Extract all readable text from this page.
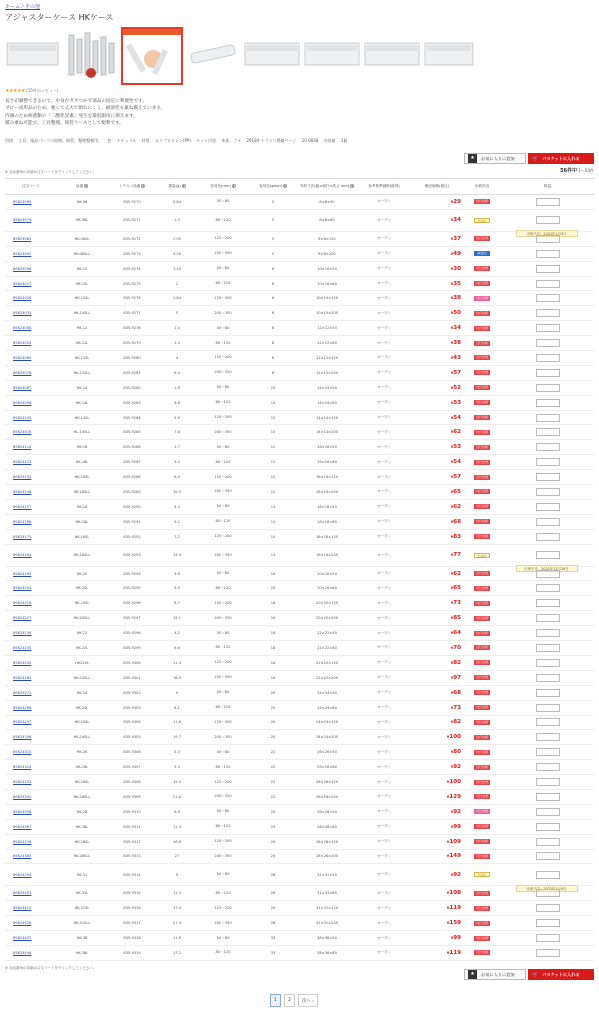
ホーム＞その他
アジャスターケース HKケース
★★★★★ (15件のレビュー)
長さが調整できるので、中身がガタつかず部品の固定に利便性です。
ブロー成形品のため、強くて丈夫で割れにくく、耐溶性も兼ね備えています。
内薄のため病菌類の「二酸化炭素」発生を最低限度に抑えます。
積み重ね可能で、工具整理、保管ケースとして便利です。
用途 工具、部品パーツの収納、保管、整理整頓用。 色 ナチュラル 材質 ポリプロピレン(PP) セット内容 本体、フタ 2018年トラスコ掲載ページ 10 0838 内容量 1個
★	お気に入りに追加	🛒 バスケットに入れる
56件中 1～50件
※ 各品番毎の詳細は注文コードをクリックしてください。
注文コード	品番 ▾	トラスコ品番 ▾	重量(g) ▾	有効長(mm) ▾	有効径(φmm) ▾	外形寸法(幅×奥行×高さ mm) ▾	参考基準価格(税別)	販売価格(税込)	出荷状況	数量
89823965	HK-06	835-9270	0.84	50～80	5	8×8×50	オープン	¥29	当日出荷	
89823974	HK-06L	835-9271	1.3	80～120	5	8×8×80	オープン	¥34	欠品中	出荷予定：2022年1月4日

89823983	HK-06SL	835-9272	2.95	120～200	5	8×8×120	オープン	¥37	当日出荷	
89823992	HK-06SLL	835-9273	3.25	200～350	5	8×8×200	オープン	¥49	取寄品	
89824008	HK-10	835-9274	1.25	50～80	6	10×10×50	オープン	¥30	当日出荷	
89824017	HK-10L	835-9275	2	80～120	6	10×10×80	オープン	¥35	当日出荷	
89824026	HK-10SL	835-9276	2.84	120～200	6	10×10×120	オープン	¥38	当日出荷	
89824035	HK-10SLL	835-9277	5	200～350	6	10×10×200	オープン	¥50	当日出荷	
89824044	HK-12	835-9278	1.4	50～80	8	12×12×50	オープン	¥34	当日出荷	
89824053	HK-12L	835-9279	2.4	80～120	8	12×12×80	オープン	¥38	当日出荷	
89824062	HK-12SL	835-9280	4	120～200	8	12×12×120	オープン	¥43	当日出荷	
89824078	HK-12SLL	835-9281	6.4	200～350	8	12×12×200	オープン	¥57	当日出荷	
89824087	HK-14	835-9282	1.8	50～80	10	14×14×50	オープン	¥52	当日出荷	
89824096	HK-14L	835-9283	3.6	80～120	10	14×14×80	オープン	¥53	当日出荷	
89824105	HK-14SL	835-9284	5.6	120～200	10	14×14×120	オープン	¥54	当日出荷	
89824516	HL-14SLL	835-9285	7.8	200～350	10	14×14×200	オープン	¥62	当日出荷	
89824114	HK-16	835-9286	2.7	50～80	12	16×16×50	オープン	¥53	当日出荷	
89824123	HK-16L	835-9287	4.4	80～120	12	16×16×80	オープン	¥54	当日出荷	
89824132	HK-16SL	835-9288	6.5	120～200	12	16×16×120	オープン	¥57	当日出荷	
89824148	HK-16SLL	835-9289	10.5	200～350	12	16×16×200	オープン	¥65	当日出荷	
89824157	HK-18	835-9290	3.4	50～80	14	18×18×50	オープン	¥62	当日出荷	
89824166	HK-18L	835-9291	5.2	80～120	14	18×18×80	オープン	¥68	当日出荷	
89824175	HK-18SL	835-9292	7.2	120～200	14	18×18×120	オープン	¥83	当日出荷	
89824184	HK-18SLL	835-9293	13.4	200～350	14	18×18×200	オープン	¥77	欠品中	出荷予定：2021年12月28日

89824193	HK-20	835-9294	3.6	50～80	16	20×20×50	オープン	¥62	当日出荷	
89824202	HK-20L	835-9295	5.9	80～120	16	20×20×80	オープン	¥65	当日出荷	
89824218	HK-20SL	835-9296	8.7	120～200	16	20×20×120	オープン	¥73	当日出荷	
89824227	HK-20SLL	835-9297	15.1	200～350	16	20×20×200	オープン	¥85	当日出荷	
89824236	HK-22	835-9298	4.2	50～80	18	22×22×50	オープン	¥64	当日出荷	
89824245	HK-22L	835-9299	6.6	80～120	18	22×22×80	オープン	¥70	当日出荷	
89824254	HK22SL	835-9300	11.3	120～200	18	22×22×120	オープン	¥82	当日出荷	
89824263	HK-22SLL	835-9301	16.5	200～350	18	22×22×200	オープン	¥97	当日出荷	
89824272	HK-24	835-9302	5	50～80	20	24×24×50	オープン	¥68	当日出荷	
89824288	HK-24L	835-9303	8.1	80～120	20	24×24×80	オープン	¥73	当日出荷	
89824297	HK-24SL	835-9304	11.6	120～200	20	24×24×120	オープン	¥82	当日出荷	
89824306	HK-24SLL	835-9305	19.7	200～350	20	24×24×200	オープン	¥100	当日出荷	
89824315	HK-26	835-9306	5.5	50～80	22	26×26×50	オープン	¥80	当日出荷	
89824324	HK-26L	835-9307	9.3	80～120	22	26×26×80	オープン	¥92	当日出荷	
89824333	HK-26SL	835-9308	12.5	120～200	22	26×26×120	オープン	¥100	当日出荷	
89824342	HK-26SLL	835-9309	21.6	200～350	22	26×26×200	オープン	¥129	当日出荷	
89824358	HK-28	835-9310	6.6	50～80	24	28×28×50	オープン	¥92	当日出荷	
89824367	HK-28L	835-9311	11.3	80～120	24	28×28×80	オープン	¥99	当日出荷	
89824376	HK-28SL	835-9312	16.8	120～200	24	28×28×120	オープン	¥109	当日出荷	
89824385	HK-28SLL	835-9313	27	200～350	24	28×28×200	オープン	¥149	当日出荷	
89824394	HK-31	835-9314	9	50～80	26	31×31×50	オープン	¥92	欠品中	出荷予定：2022年1月4日

89824403	HK-31L	835-9315	11.5	80～120	26	31×31×80	オープン	¥108	当日出荷	
89824412	HK-31SL	835-9316	17.4	120～200	26	31×31×120	オープン	¥119	当日出荷	
89824428	HK-31SLL	835-9317	27.4	200～350	26	31×31×200	オープン	¥159	当日出荷	
89824437	HK-38	835-9318	11.8	50～80	33	38×38×50	オープン	¥99	当日出荷	
89824446	HK-38L	835-9319	17.2	80～120	33	38×38×80	オープン	¥119	当日出荷	
※ 各品番毎の詳細は注文コードをクリックしてください。
★	お気に入りに追加	🛒 バスケットに入れる
1	2	次へ ›
